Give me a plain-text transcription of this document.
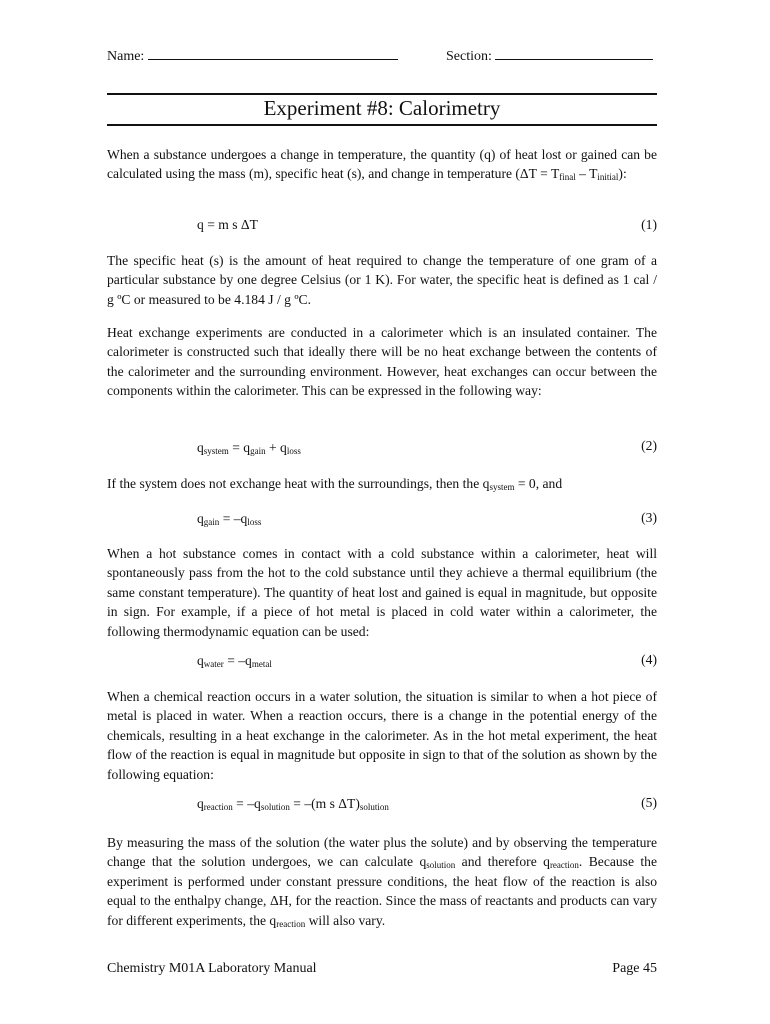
Name:	Section:
Experiment #8: Calorimetry
When a substance undergoes a change in temperature, the quantity (q) of heat lost or gained can be calculated using the mass (m), specific heat (s), and change in temperature $(\Delta T = T_{final} - T_{initial})$:
q = m s ΔT	(1)
The specific heat (s) is the amount of heat required to change the temperature of one gram of a particular substance by one degree Celsius (or 1 K). For water, the specific heat is defined as 1 cal / g ºC or measured to be 4.184 J / g ºC.
Heat exchange experiments are conducted in a calorimeter which is an insulated container. The calorimeter is constructed such that ideally there will be no heat exchange between the contents of the calorimeter and the surrounding environment. However, heat exchanges can occur between the components within the calorimeter. This can be expressed in the following way:
$q_{system} = q_{gain} + q_{loss}$	(2)
If the system does not exchange heat with the surroundings, then the $q_{system} = 0$, and
$q_{gain} = -q_{loss}$	(3)
When a hot substance comes in contact with a cold substance within a calorimeter, heat will spontaneously pass from the hot to the cold substance until they achieve a thermal equilibrium (the same constant temperature). The quantity of heat lost and gained is equal in magnitude, but opposite in sign. For example, if a piece of hot metal is placed in cold water within a calorimeter, the following thermodynamic equation can be used:
$q_{water} = -q_{metal}$	(4)
When a chemical reaction occurs in a water solution, the situation is similar to when a hot piece of metal is placed in water. When a reaction occurs, there is a change in the potential energy of the chemicals, resulting in a heat exchange in the calorimeter. As in the hot metal experiment, the heat flow of the reaction is equal in magnitude but opposite in sign to that of the solution as shown by the following equation:
$q_{reaction} = -q_{solution} = -(m$ s $\Delta T)_{solution}$	(5)
By measuring the mass of the solution (the water plus the solute) and by observing the temperature change that the solution undergoes, we can calculate $q_{solution}$ and therefore $q_{reaction}$. Because the experiment is performed under constant pressure conditions, the heat flow of the reaction is also equal to the enthalpy change, ΔH, for the reaction. Since the mass of reactants and products can vary for different experiments, the $q_{reaction}$ will also vary.
Chemistry M01A Laboratory Manual	Page 45
